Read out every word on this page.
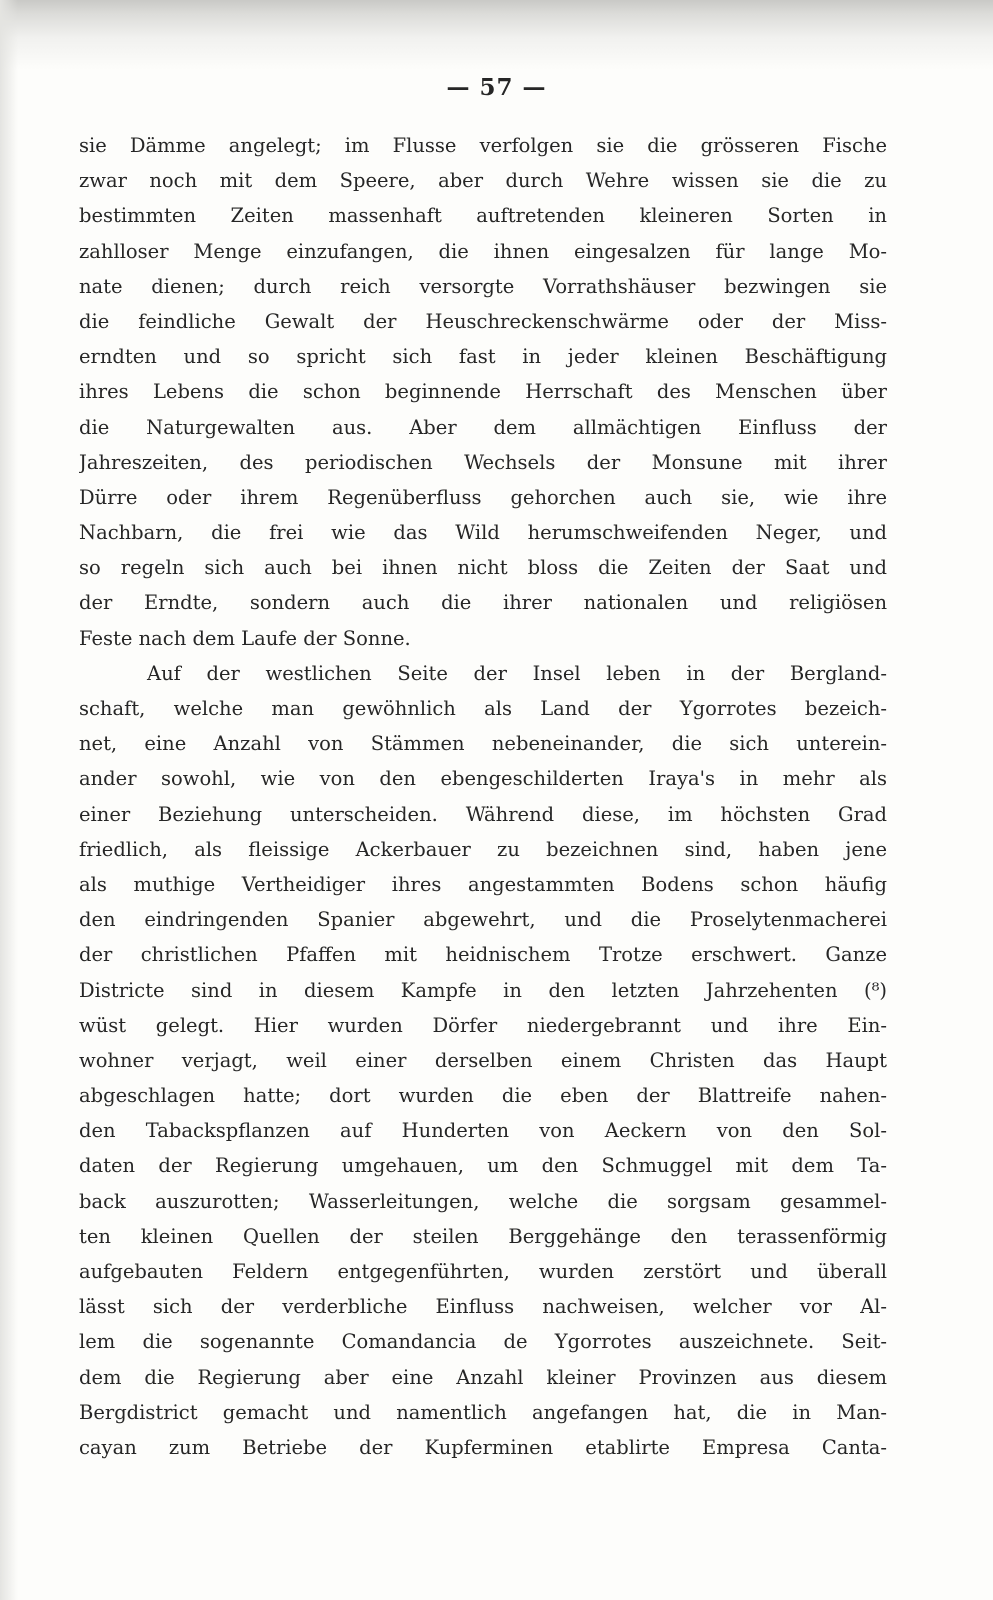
— 57 —
sie Dämme angelegt; im Flusse verfolgen sie die grösseren Fische
zwar noch mit dem Speere, aber durch Wehre wissen sie die zu
bestimmten Zeiten massenhaft auftretenden kleineren Sorten in
zahlloser Menge einzufangen, die ihnen eingesalzen für lange Mo-
nate dienen; durch reich versorgte Vorrathshäuser bezwingen sie
die feindliche Gewalt der Heuschreckenschwärme oder der Miss-
erndten und so spricht sich fast in jeder kleinen Beschäftigung
ihres Lebens die schon beginnende Herrschaft des Menschen über
die Naturgewalten aus. Aber dem allmächtigen Einfluss der
Jahreszeiten, des periodischen Wechsels der Monsune mit ihrer
Dürre oder ihrem Regenüberfluss gehorchen auch sie, wie ihre
Nachbarn, die frei wie das Wild herumschweifenden Neger, und
so regeln sich auch bei ihnen nicht bloss die Zeiten der Saat und
der Erndte, sondern auch die ihrer nationalen und religiösen
Feste nach dem Laufe der Sonne.
Auf der westlichen Seite der Insel leben in der Bergland-
schaft, welche man gewöhnlich als Land der Ygorrotes bezeich-
net, eine Anzahl von Stämmen nebeneinander, die sich unterein-
ander sowohl, wie von den ebengeschilderten Iraya's in mehr als
einer Beziehung unterscheiden. Während diese, im höchsten Grad
friedlich, als fleissige Ackerbauer zu bezeichnen sind, haben jene
als muthige Vertheidiger ihres angestammten Bodens schon häufig
den eindringenden Spanier abgewehrt, und die Proselytenmacherei
der christlichen Pfaffen mit heidnischem Trotze erschwert. Ganze
Districte sind in diesem Kampfe in den letzten Jahrzehenten (⁸)
wüst gelegt. Hier wurden Dörfer niedergebrannt und ihre Ein-
wohner verjagt, weil einer derselben einem Christen das Haupt
abgeschlagen hatte; dort wurden die eben der Blattreife nahen-
den Tabackspflanzen auf Hunderten von Aeckern von den Sol-
daten der Regierung umgehauen, um den Schmuggel mit dem Ta-
back auszurotten; Wasserleitungen, welche die sorgsam gesammel-
ten kleinen Quellen der steilen Berggehänge den terassenförmig
aufgebauten Feldern entgegenführten, wurden zerstört und überall
lässt sich der verderbliche Einfluss nachweisen, welcher vor Al-
lem die sogenannte Comandancia de Ygorrotes auszeichnete. Seit-
dem die Regierung aber eine Anzahl kleiner Provinzen aus diesem
Bergdistrict gemacht und namentlich angefangen hat, die in Man-
cayan zum Betriebe der Kupferminen etablirte Empresa Canta-
